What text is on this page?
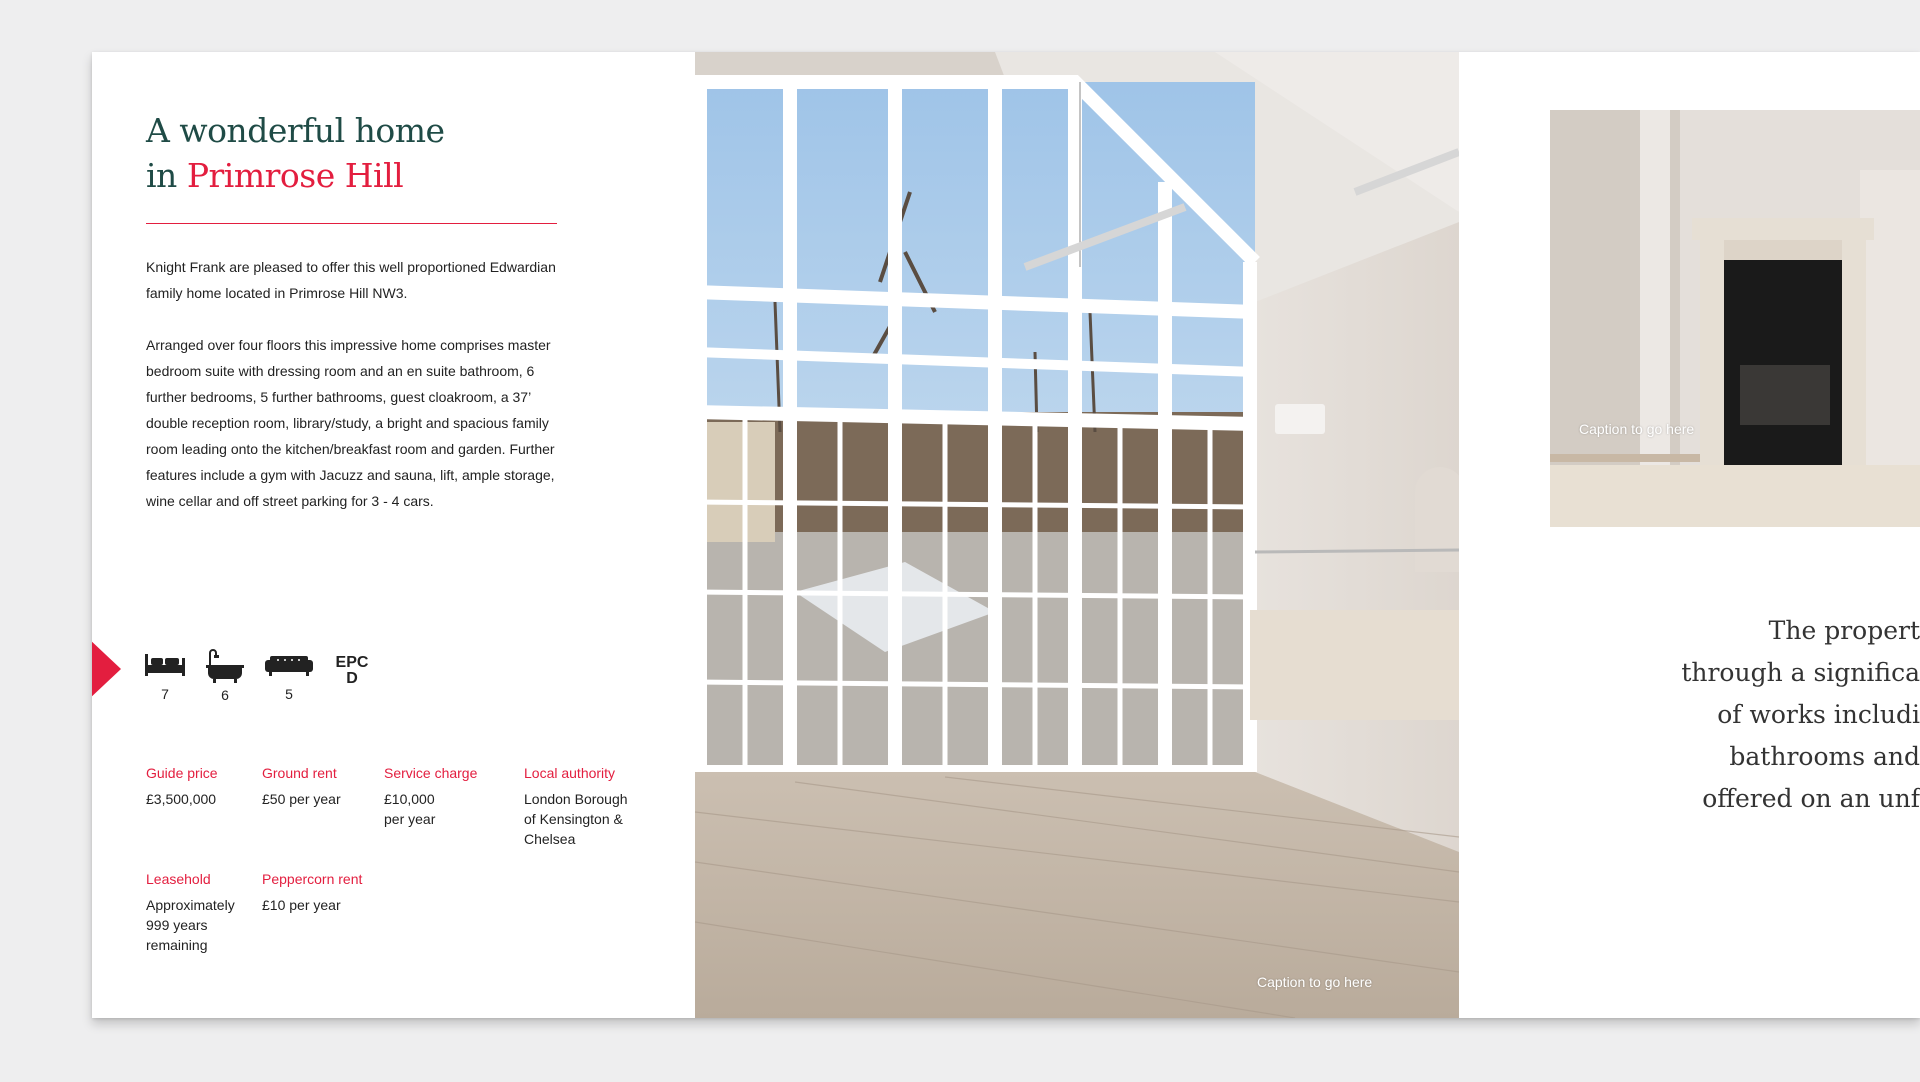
A wonderful home
in Primrose Hill

Knight Frank are pleased to offer this well proportioned Edwardian family home located in Primrose Hill NW3.

Arranged over four floors this impressive home comprises master bedroom suite with dressing room and an en suite bathroom, 6 further bedrooms, 5 further bathrooms, guest cloakroom, a 37’ double reception room, library/study, a bright and spacious family room leading onto the kitchen/breakfast room and garden. Further features include a gym with Jacuzz and sauna, lift, ample storage, wine cellar and off street parking for 3 - 4 cars.

7	6	5
EPC
D
Guide price
£3,500,000
Ground rent
£50 per year
Service charge
£10,000
per year
Local authority
London Borough
of Kensington &
Chelsea
Leasehold
Approximately
999 years
remaining
Peppercorn rent
£10 per year
Caption to go here
Caption to go here
The propert
through a significa
of works includi
bathrooms and
offered on an unf
